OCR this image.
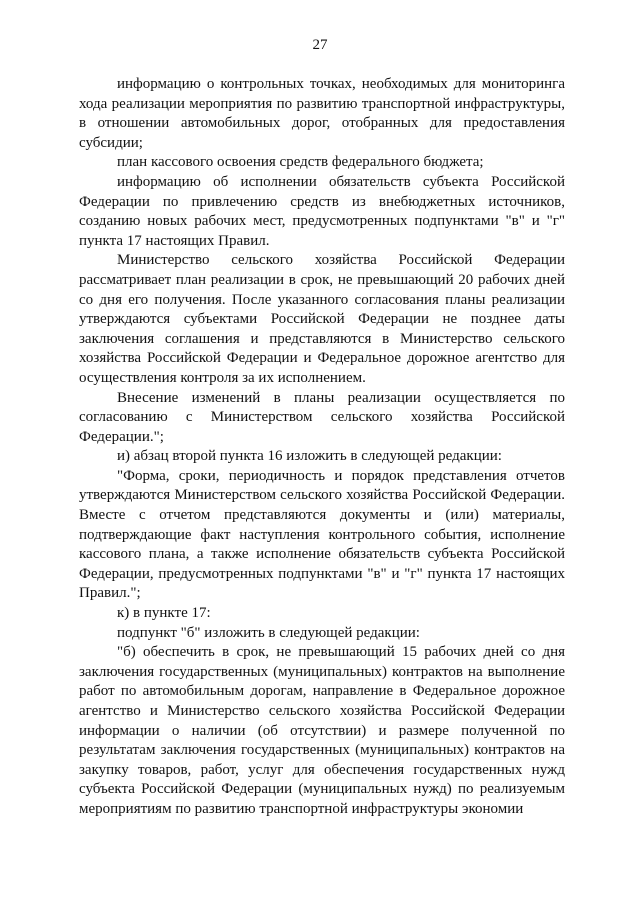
27

информацию о контрольных точках, необходимых для мониторинга хода реализации мероприятия по развитию транспортной инфраструктуры, в отношении автомобильных дорог, отобранных для предоставления субсидии;

план кассового освоения средств федерального бюджета;

информацию об исполнении обязательств субъекта Российской Федерации по привлечению средств из внебюджетных источников, созданию новых рабочих мест, предусмотренных подпунктами "в" и "г" пункта 17 настоящих Правил.

Министерство сельского хозяйства Российской Федерации рассматривает план реализации в срок, не превышающий 20 рабочих дней со дня его получения. После указанного согласования планы реализации утверждаются субъектами Российской Федерации не позднее даты заключения соглашения и представляются в Министерство сельского хозяйства Российской Федерации и Федеральное дорожное агентство для осуществления контроля за их исполнением.

Внесение изменений в планы реализации осуществляется по согласованию с Министерством сельского хозяйства Российской Федерации.";

и) абзац второй пункта 16 изложить в следующей редакции:

"Форма, сроки, периодичность и порядок представления отчетов утверждаются Министерством сельского хозяйства Российской Федерации. Вместе с отчетом представляются документы и (или) материалы, подтверждающие факт наступления контрольного события, исполнение кассового плана, а также исполнение обязательств субъекта Российской Федерации, предусмотренных подпунктами "в" и "г" пункта 17 настоящих Правил.";

к) в пункте 17:

подпункт "б" изложить в следующей редакции:

"б) обеспечить в срок, не превышающий 15 рабочих дней со дня заключения государственных (муниципальных) контрактов на выполнение работ по автомобильным дорогам, направление в Федеральное дорожное агентство и Министерство сельского хозяйства Российской Федерации информации о наличии (об отсутствии) и размере полученной по результатам заключения государственных (муниципальных) контрактов на закупку товаров, работ, услуг для обеспечения государственных нужд субъекта Российской Федерации (муниципальных нужд) по реализуемым мероприятиям по развитию транспортной инфраструктуры экономии
